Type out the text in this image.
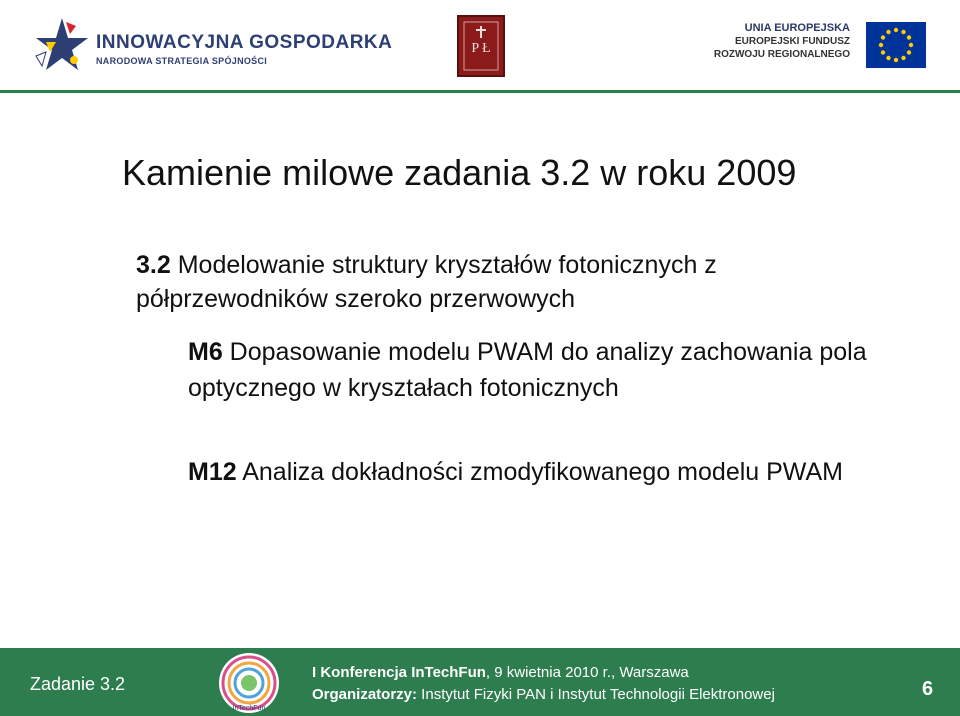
INNOWACYJNA GOSPODARKA
NARODOWA STRATEGIA SPÓJNOŚCI
P Ł
UNIA EUROPEJSKA
EUROPEJSKI FUNDUSZ
ROZWOJU REGIONALNEGO
Kamienie milowe zadania 3.2 w roku 2009
3.2 Modelowanie struktury kryształów fotonicznych z półprzewodników szeroko przerwowych
M6 Dopasowanie modelu PWAM do analizy zachowania pola optycznego w kryształach fotonicznych
M12 Analiza dokładności zmodyfikowanego modelu PWAM
Zadanie 3.2
InTechFun
I Konferencja InTechFun, 9 kwietnia 2010 r., Warszawa
Organizatorzy: Instytut Fizyki PAN i Instytut Technologii Elektronowej	6
